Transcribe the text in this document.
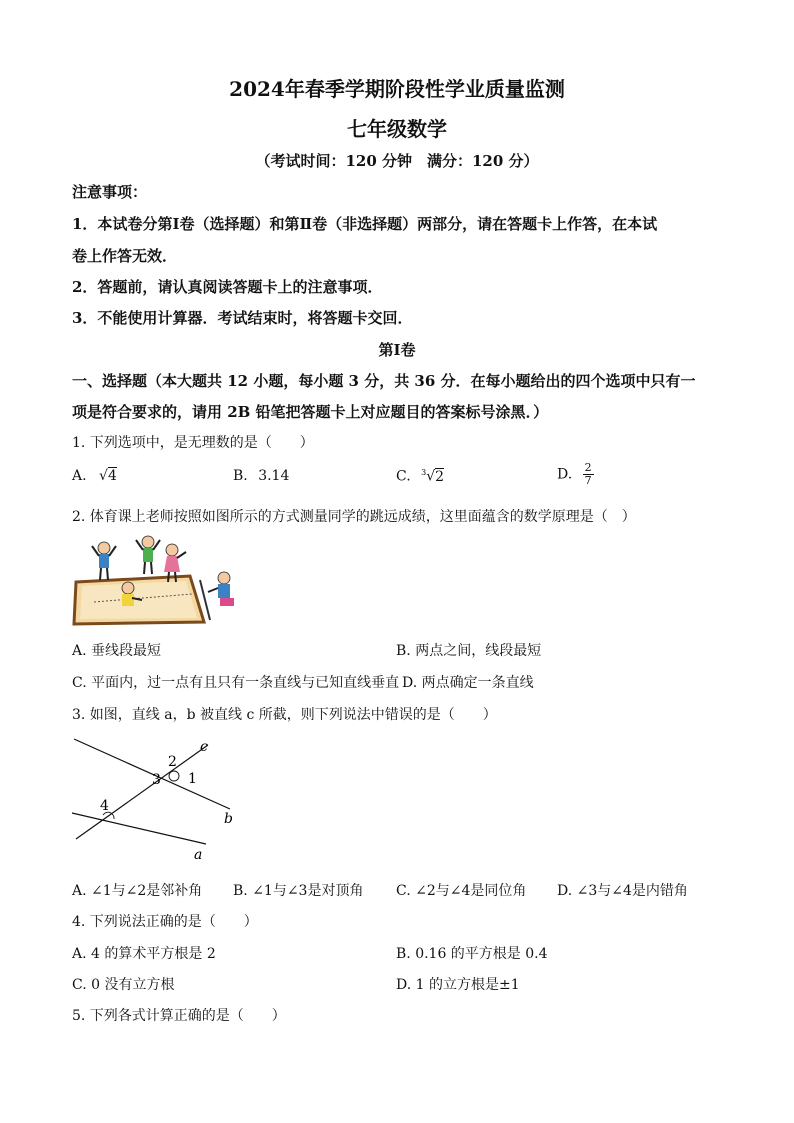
2024年春季学期阶段性学业质量监测
七年级数学
（考试时间：120 分钟　满分：120 分）
注意事项：
1．本试卷分第Ⅰ卷（选择题）和第Ⅱ卷（非选择题）两部分，请在答题卡上作答，在本试
卷上作答无效．
2．答题前，请认真阅读答题卡上的注意事项．
3．不能使用计算器．考试结束时，将答题卡交回．
第Ⅰ卷
一、选择题（本大题共 12 小题，每小题 3 分，共 36 分．在每小题给出的四个选项中只有一
项是符合要求的，请用 2B 铅笔把答题卡上对应题目的答案标号涂黑．）
1. 下列选项中，是无理数的是（　　）
A. √4	B. 3.14	C. $^3$√2	D. $\frac{2}{7}$
2. 体育课上老师按照如图所示的方式测量同学的跳远成绩，这里面蕴含的数学原理是（　）
A. 垂线段最短	B. 两点之间，线段最短
C. 平面内，过一点有且只有一条直线与已知直线垂直 D. 两点确定一条直线
3. 如图，直线 a，b 被直线 c 所截，则下列说法中错误的是（　　）
c
b
a
2
3 1
4
A. ∠1与∠2是邻补角 B. ∠1与∠3是对顶角 C. ∠2与∠4是同位角 D. ∠3与∠4是内错角
4. 下列说法正确的是（　　）
A. 4 的算术平方根是 2	B. 0.16 的平方根是 0.4
C. 0 没有立方根	D. 1 的立方根是±1
5. 下列各式计算正确的是（　　）
